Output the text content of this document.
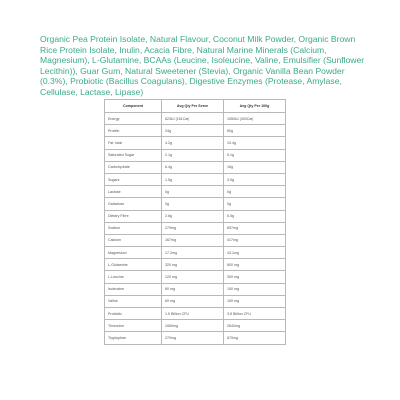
Organic Pea Protein Isolate, Natural Flavour, Coconut Milk Powder, Organic Brown Rice Protein Isolate, Inulin, Acacia Fibre, Natural Marine Minerals (Calcium, Magnesium), L-Glutamine, BCAAs (Leucine, Isoleucine, Valine, Emulsifier (Sunflower Lecithin)), Guar Gum, Natural Sweetener (Stevia), Organic Vanilla Bean Powder (0.3%), Probiotic (Bacillus Coagulans), Digestive Enzymes (Protease, Amylase, Cellulase, Lactase, Lipase)

Component	Avg Qty Per Serve	Avg Qty Per 100g
Energy	623kJ (161Cal)	1550kJ (403Cal)
Protein	24g	60g
Fat, total	4.2g	10.4g
Saturated Sugar	2.1g	5.1g
Carbohydrate	6.4g	16g
Sugars	1.5g	3.9g
Lactose	0g	0g
Galactose	0g	0g
Dietary Fibre	2.6g	6.5g
Sodium	279mg	697mg
Calcium	167mg	417mg
Magnesium	17.2mg	43.1mg
L-Glutamine	320 mg	800 mg
L-Leucine	120 mg	300 mg
Isoleucine	60 mg	150 mg
Valine	60 mg	150 mg
Probiotic	1.5 Billion CFU	3.8 Billion CFU
Threonine	1060mg	2640mg
Tryptophan	270mg	670mg
